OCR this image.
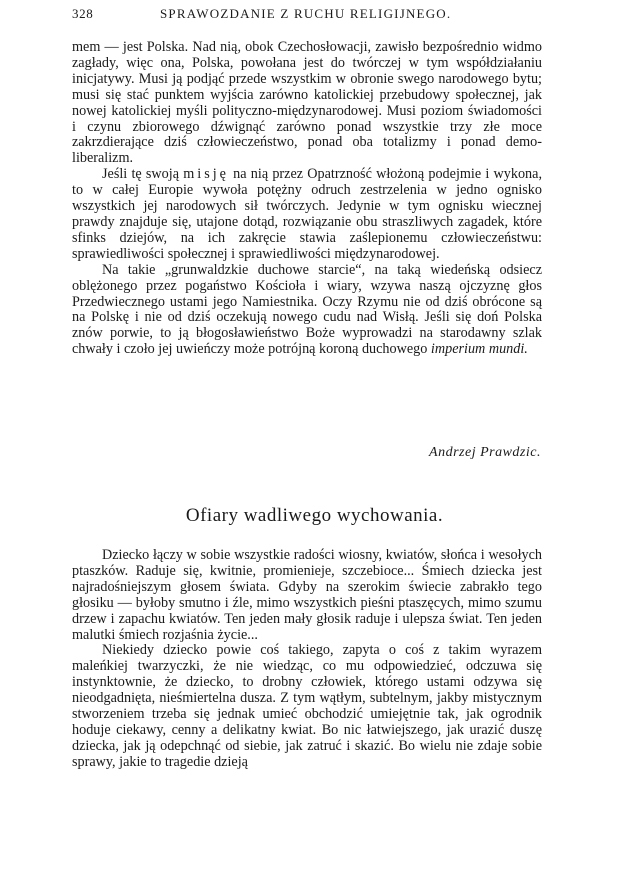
328	SPRAWOZDANIE Z RUCHU RELIGIJNEGO.

mem — jest Polska. Nad nią, obok Czechosłowacji, zawisło bezpośrednio widmo zagłady, więc ona, Polska, powołana jest do twórczej w tym współdziałaniu inicjatywy. Musi ją podjąć przede wszystkim w obronie swego narodowego bytu; musi się stać punktem wyjścia zarówno katolickiej przebudowy społecznej, jak nowej katolickiej myśli polityczno-międzynarodowej. Musi poziom świadomości i czynu zbiorowego dźwignąć zarówno ponad wszystkie trzy złe moce zakrzdierające dziś człowieczeństwo, ponad oba totalizmy i ponad demo-liberalizm.

Jeśli tę swoją misję na nią przez Opatrzność włożoną podejmie i wykona, to w całej Europie wywoła potężny odruch zestrzelenia w jedno ognisko wszystkich jej narodowych sił twórczych. Jedynie w tym ognisku wiecznej prawdy znajduje się, utajone dotąd, rozwiązanie obu straszliwych zagadek, które sfinks dziejów, na ich zakręcie stawia zaślepionemu człowieczeństwu: sprawiedliwości społecznej i sprawiedliwości międzynarodowej.

Na takie „grunwaldzkie duchowe starcie“, na taką wiedeńską odsiecz oblężonego przez pogaństwo Kościoła i wiary, wzywa naszą ojczyznę głos Przedwiecznego ustami jego Namiestnika. Oczy Rzymu nie od dziś obrócone są na Polskę i nie od dziś oczekują nowego cudu nad Wisłą. Jeśli się doń Polska znów porwie, to ją błogosławieństwo Boże wyprowadzi na starodawny szlak chwały i czoło jej uwieńczy może potrójną koroną duchowego imperium mundi.

Andrzej Prawdzic.
Ofiary wadliwego wychowania.

Dziecko łączy w sobie wszystkie radości wiosny, kwiatów, słońca i wesołych ptaszków. Raduje się, kwitnie, promienieje, szczebioce... Śmiech dziecka jest najradośniejszym głosem świata. Gdyby na szerokim świecie zabrakło tego głosiku — byłoby smutno i źle, mimo wszystkich pieśni ptaszęcych, mimo szumu drzew i zapachu kwiatów. Ten jeden mały głosik raduje i ulepsza świat. Ten jeden malutki śmiech rozjaśnia życie...

Niekiedy dziecko powie coś takiego, zapyta o coś z takim wyrazem maleńkiej twarzyczki, że nie wiedząc, co mu odpowiedzieć, odczuwa się instynktownie, że dziecko, to drobny człowiek, którego ustami odzywa się nieodgadnięta, nieśmiertelna dusza. Z tym wątłym, subtelnym, jakby mistycznym stworzeniem trzeba się jednak umieć obchodzić umiejętnie tak, jak ogrodnik hoduje ciekawy, cenny a delikatny kwiat. Bo nic łatwiejszego, jak urazić duszę dziecka, jak ją odepchnąć od siebie, jak zatruć i skazić. Bo wielu nie zdaje sobie sprawy, jakie to tragedie dzieją
